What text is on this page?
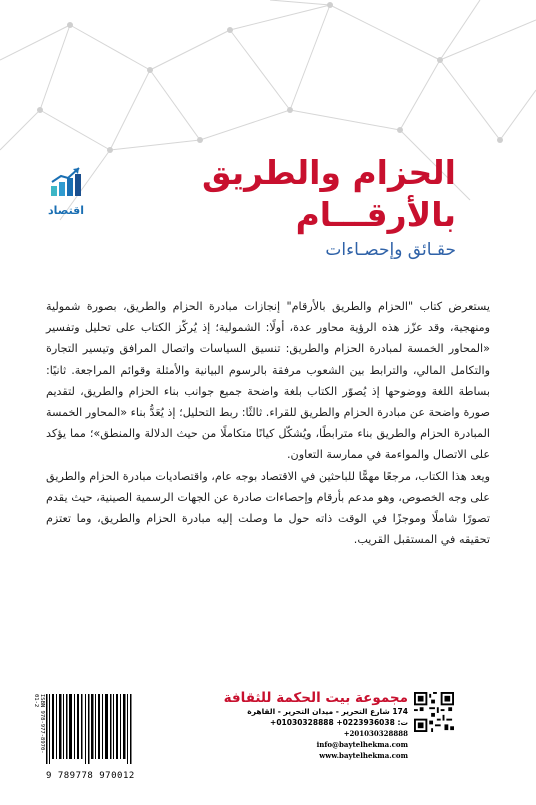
اقتصاد
الحزام والطريق
بالأرقـــام
حقـائق وإحصـاءات

يستعرض كتاب "الحزام والطريق بالأرقام" إنجازات مبادرة الحزام والطريق، بصورة شمولية ومنهجية، وقد عزّز هذه الرؤية محاور عدة، أولًا: الشمولية؛ إذ يُركّز الكتاب على تحليل وتفسير «المحاور الخمسة لمبادرة الحزام والطريق: تنسيق السياسات واتصال المرافق وتيسير التجارة والتكامل المالي، والترابط بين الشعوب مرفقة بالرسوم البيانية والأمثلة وقوائم المراجعة. ثانيًا: بساطة اللغة ووضوحها إذ يُصوّر الكتاب بلغة واضحة جميع جوانب بناء الحزام والطريق، لتقديم صورة واضحة عن مبادرة الحزام والطريق للقراء. ثالثًا: ربط التحليل؛ إذ يُعَدُّ بناء «المحاور الخمسة المبادرة الحزام والطريق بناء مترابطًا، ويُشكّل كيانًا متكاملًا من حيث الدلالة والمنطق»؛ مما يؤكد على الاتصال والمواءمة في ممارسة التعاون.

ويعد هذا الكتاب، مرجعًا مهمًّا للباحثين في الاقتصاد بوجه عام، واقتصاديات مبادرة الحزام والطريق على وجه الخصوص، وهو مدعم بأرقام وإحصاءات صادرة عن الجهات الرسمية الصينية، حيث يقدم تصورًا شاملًا وموجزًا في الوقت ذاته حول ما وصلت إليه مبادرة الحزام والطريق، وما تعتزم تحقيقه في المستقبل القريب.

ISBN 978-977-8970-01-2
9 789778 970012
مجموعة بيت الحكمة للثقافة
174 شارع التحرير - ميدان التحرير - القاهرة
ت: 0223936038+ 01030328888+
+201030328888
info@baytelhekma.com
www.baytelhekma.com
